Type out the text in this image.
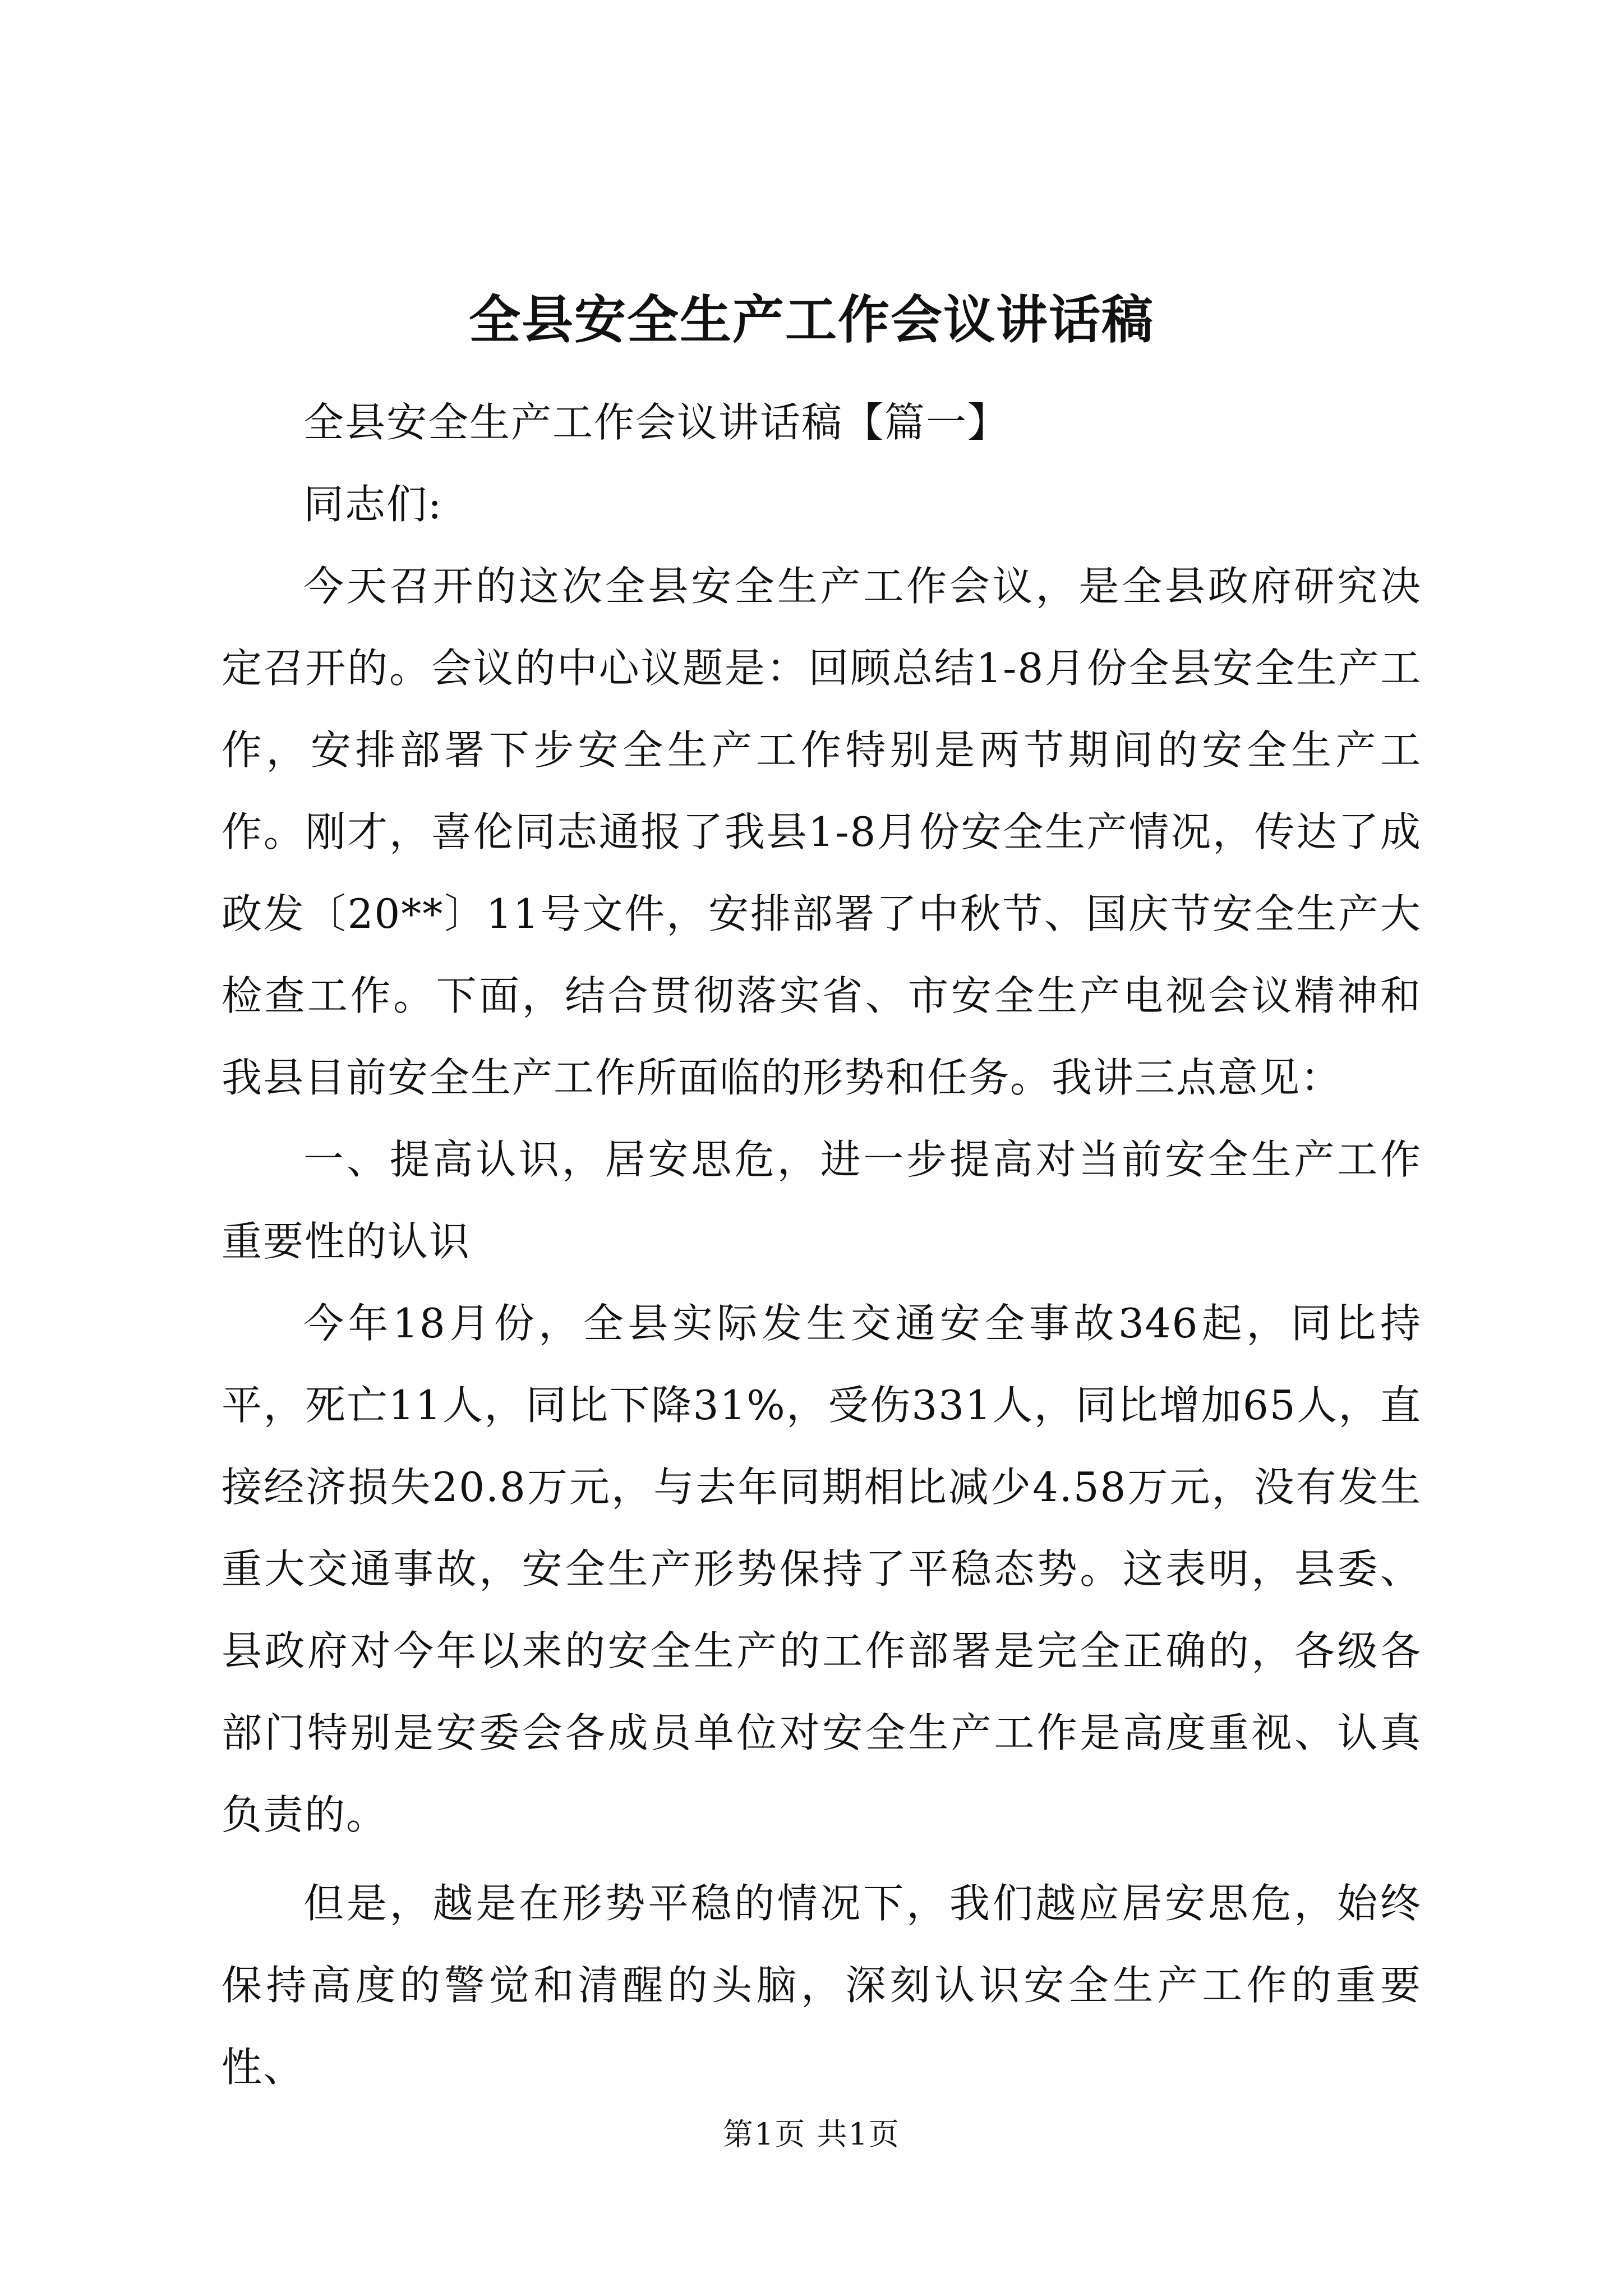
全县安全生产工作会议讲话稿

全县安全生产工作会议讲话稿【篇一】

同志们:

今天召开的这次全县安全生产工作会议，是全县政府研究决定召开的。会议的中心议题是：回顾总结1-8月份全县安全生产工作，安排部署下步安全生产工作特别是两节期间的安全生产工作。刚才，喜伦同志通报了我县1-8月份安全生产情况，传达了成政发〔20**〕11号文件，安排部署了中秋节、国庆节安全生产大检查工作。下面，结合贯彻落实省、市安全生产电视会议精神和我县目前安全生产工作所面临的形势和任务。我讲三点意见：

一、提高认识，居安思危，进一步提高对当前安全生产工作重要性的认识

今年18月份，全县实际发生交通安全事故346起，同比持平，死亡11人，同比下降31%，受伤331人，同比增加65人，直接经济损失20.8万元，与去年同期相比减少4.58万元，没有发生重大交通事故，安全生产形势保持了平稳态势。这表明，县委、县政府对今年以来的安全生产的工作部署是完全正确的，各级各部门特别是安委会各成员单位对安全生产工作是高度重视、认真负责的。

但是，越是在形势平稳的情况下，我们越应居安思危，始终保持高度的警觉和清醒的头脑，深刻认识安全生产工作的重要性、

第1页 共1页
